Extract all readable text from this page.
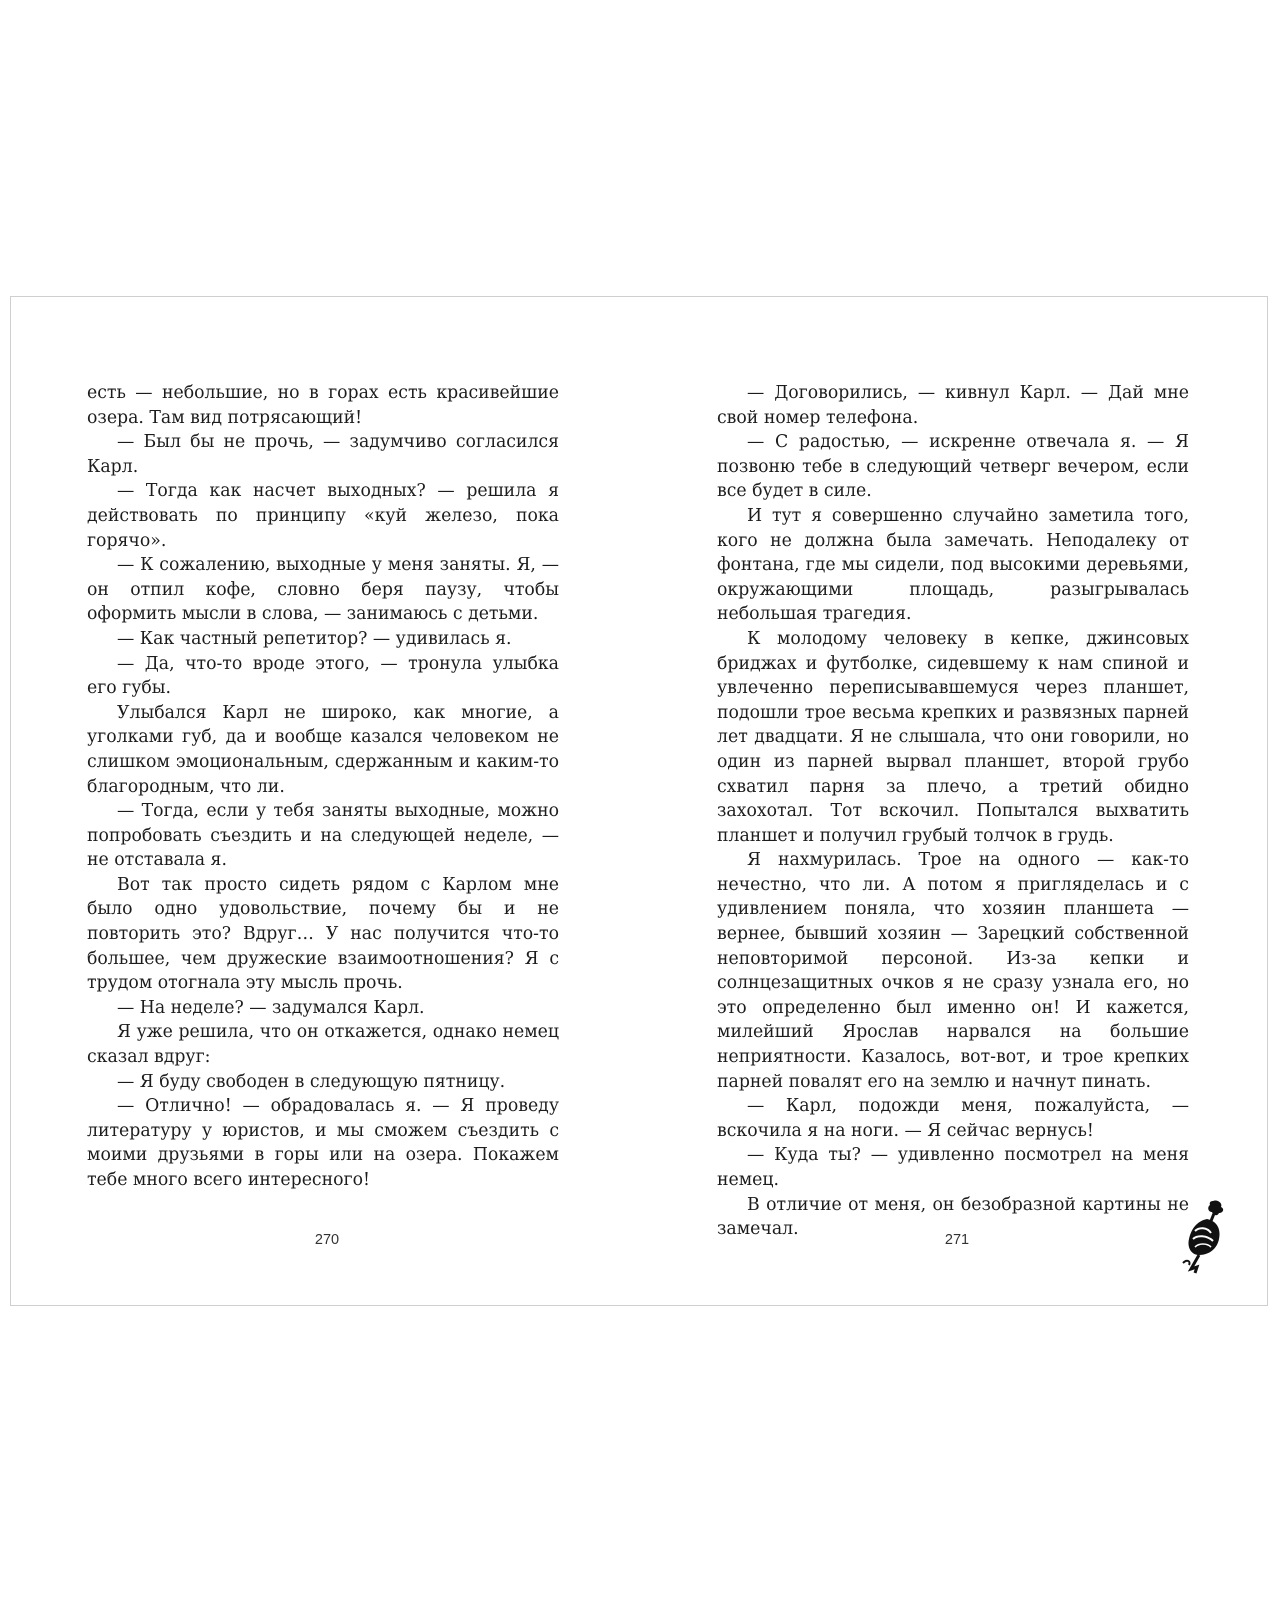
есть — небольшие, но в горах есть красивейшие озера. Там вид потрясающий!

— Был бы не прочь, — задумчиво согласился Карл.

— Тогда как насчет выходных? — решила я действовать по принципу «куй железо, пока горячо».

— К сожалению, выходные у меня заняты. Я, — он отпил кофе, словно беря паузу, чтобы оформить мысли в слова, — занимаюсь с детьми.

— Как частный репетитор? — удивилась я.

— Да, что-то вроде этого, — тронула улыбка его губы.

Улыбался Карл не широко, как многие, а уголками губ, да и вообще казался человеком не слишком эмоциональным, сдержанным и каким-то благородным, что ли.

— Тогда, если у тебя заняты выходные, можно попробовать съездить и на следующей неделе, — не отставала я.

Вот так просто сидеть рядом с Карлом мне было одно удовольствие, почему бы и не повторить это? Вдруг… У нас получится что-то большее, чем дружеские взаимоотношения? Я с трудом отогнала эту мысль прочь.

— На неделе? — задумался Карл.

Я уже решила, что он откажется, однако немец сказал вдруг:

— Я буду свободен в следующую пятницу.

— Отлично! — обрадовалась я. — Я проведу литературу у юристов, и мы сможем съездить с моими друзьями в горы или на озера. Покажем тебе много всего интересного!

270

— Договорились, — кивнул Карл. — Дай мне свой номер телефона.

— С радостью, — искренне отвечала я. — Я позвоню тебе в следующий четверг вечером, если все будет в силе.

И тут я совершенно случайно заметила того, кого не должна была замечать. Неподалеку от фонтана, где мы сидели, под высокими деревьями, окружающими площадь, разыгрывалась небольшая трагедия.

К молодому человеку в кепке, джинсовых бриджах и футболке, сидевшему к нам спиной и увлеченно переписывавшемуся через планшет, подошли трое весьма крепких и развязных парней лет двадцати. Я не слышала, что они говорили, но один из парней вырвал планшет, второй грубо схватил парня за плечо, а третий обидно захохотал. Тот вскочил. Попытался выхватить планшет и получил грубый толчок в грудь.

Я нахмурилась. Трое на одного — как-то нечестно, что ли. А потом я пригляделась и с удивлением поняла, что хозяин планшета — вернее, бывший хозяин — Зарецкий собственной неповторимой персоной. Из-за кепки и солнцезащитных очков я не сразу узнала его, но это определенно был именно он! И кажется, милейший Ярослав нарвался на большие неприятности. Казалось, вот-вот, и трое крепких парней повалят его на землю и начнут пинать.

— Карл, подожди меня, пожалуйста, — вскочила я на ноги. — Я сейчас вернусь!

— Куда ты? — удивленно посмотрел на меня немец.

В отличие от меня, он безобразной картины не замечал.

271
